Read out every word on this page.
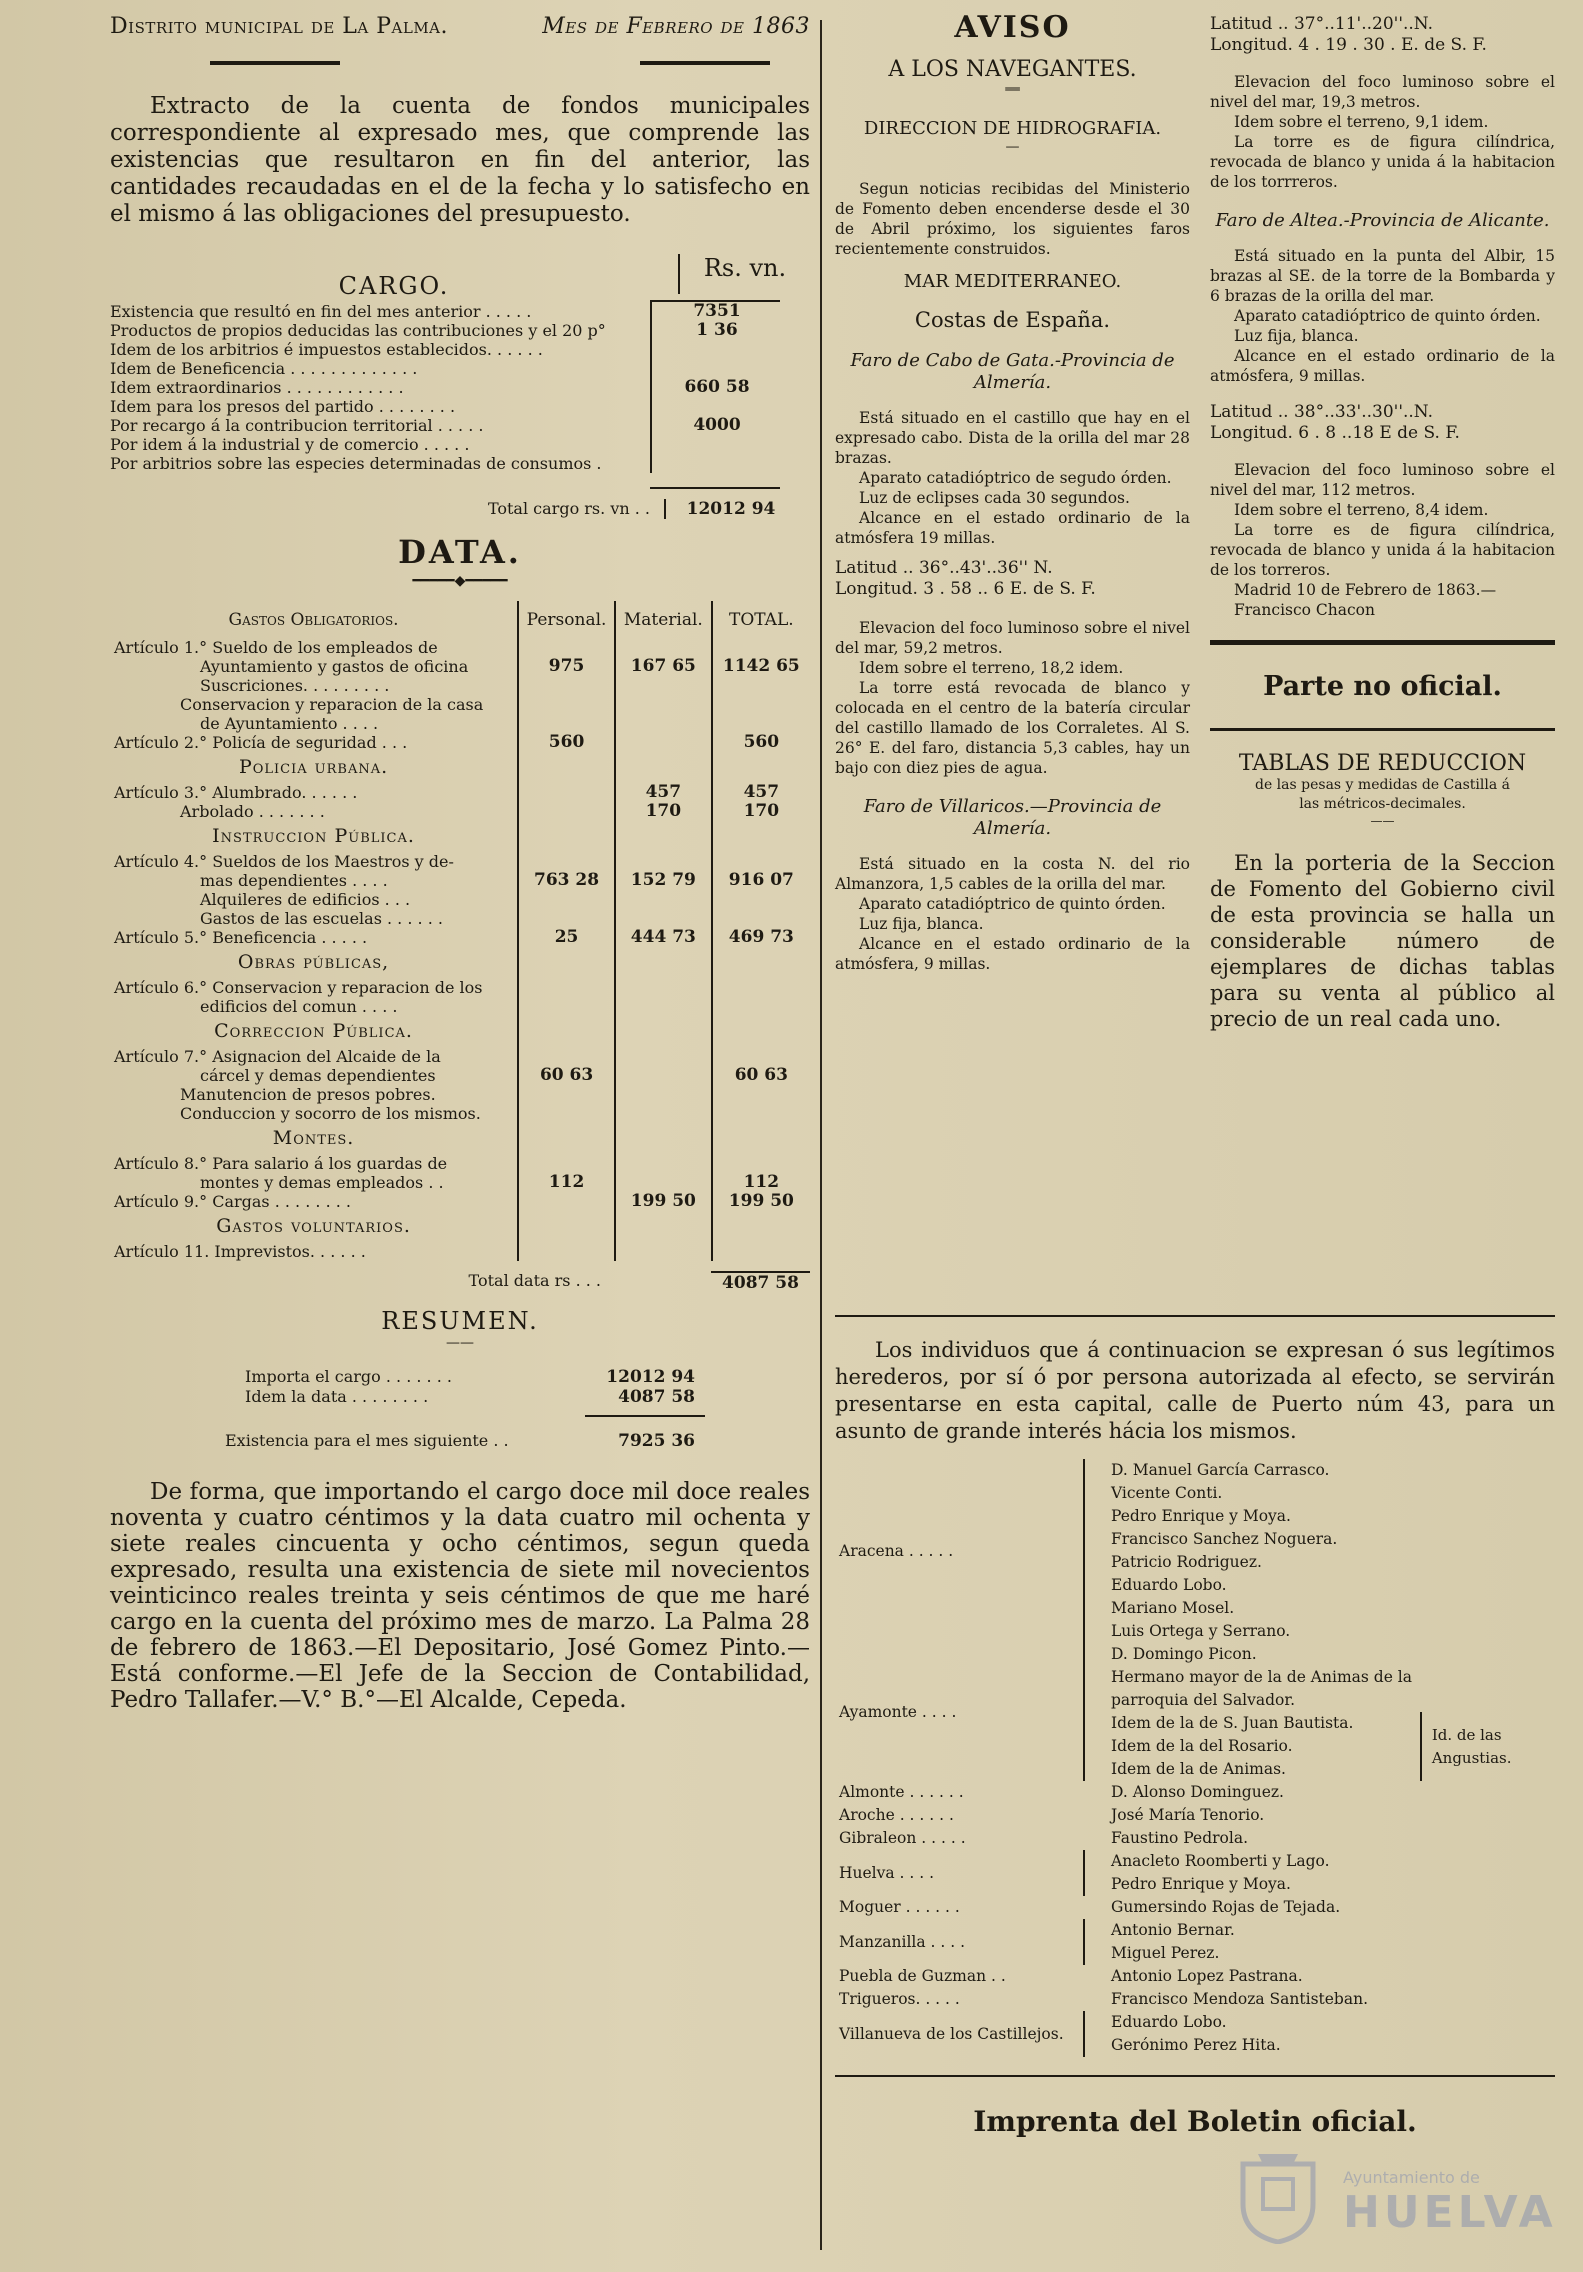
Distrito municipal de La Palma.	Mes de Febrero de 1863

Extracto de la cuenta de fondos municipales correspondiente al expresado mes, que comprende las existencias que resultaron en fin del anterior, las cantidades recaudadas en el de la fecha y lo satisfecho en el mismo á las obligaciones del presupuesto.

CARGO.
Rs. vn.
Existencia que resultó en fin del mes anterior . . . . .	7351
Productos de propios deducidas las contribuciones y el 20 p°	1 36
Idem de los arbitrios é impuestos establecidos. . . . . .
Idem de Beneficencia . . . . . . . . . . . . .
Idem extraordinarios . . . . . . . . . . . .	660 58
Idem para los presos del partido . . . . . . . .
Por recargo á la contribucion territorial . . . . .	4000
Por idem á la industrial y de comercio . . . . .
Por arbitrios sobre las especies determinadas de consumos .
Total cargo rs. vn . .	12012 94
DATA.
━━━━━◆━━━━━
Gastos Obligatorios.	Personal.	Material.	TOTAL.
Artículo 1.° Sueldo de los empleados de			
Ayuntamiento y gastos de oficina	975	167 65	1142 65
Suscriciones. . . . . . . . .			
Conservacion y reparacion de la casa			
de Ayuntamiento . . . .			
Artículo 2.° Policía de seguridad . . .	560		560
Policia urbana.			
Artículo 3.° Alumbrado. . . . . .		457	457
Arbolado . . . . . . .		170	170
Instruccion Pública.			
Artículo 4.° Sueldos de los Maestros y de-			
mas dependientes . . . .	763 28	152 79	916 07
Alquileres de edificios . . .			
Gastos de las escuelas . . . . . .			
Artículo 5.° Beneficencia . . . . .	25	444 73	469 73
Obras públicas,			
Artículo 6.° Conservacion y reparacion de los			
edificios del comun . . . .			
Correccion Pública.			
Artículo 7.° Asignacion del Alcaide de la			
cárcel y demas dependientes	60 63		60 63
Manutencion de presos pobres.			
Conduccion y socorro de los mismos.			
Montes.			
Artículo 8.° Para salario á los guardas de			
montes y demas empleados . .	112		112
Artículo 9.° Cargas . . . . . . . .		199 50	199 50
Gastos voluntarios.			
Artículo 11. Imprevistos. . . . . .			
Total data rs . . .	4087 58
RESUMEN.
——
Importa el cargo . . . . . . .	12012 94
Idem la data . . . . . . . .	4087 58
Existencia para el mes siguiente . .	7925 36

De forma, que importando el cargo doce mil doce reales noventa y cuatro céntimos y la data cuatro mil ochenta y siete reales cincuenta y ocho céntimos, segun queda expresado, resulta una existencia de siete mil novecientos veinticinco reales treinta y seis céntimos de que me haré cargo en la cuenta del próximo mes de marzo. La Palma 28 de febrero de 1863.—El Depositario, José Gomez Pinto.—Está conforme.—El Jefe de la Seccion de Contabilidad, Pedro Tallafer.—V.° B.°—El Alcalde, Cepeda.

AVISO
A LOS NAVEGANTES.
══
DIRECCION DE HIDROGRAFIA.
—

Segun noticias recibidas del Ministerio de Fomento deben encenderse desde el 30 de Abril próximo, los siguientes faros recientemente construidos.

MAR MEDITERRANEO.
Costas de España.
Faro de Cabo de Gata.-Provincia de Almería.

Está situado en el castillo que hay en el expresado cabo. Dista de la orilla del mar 28 brazas.

Aparato catadióptrico de segudo órden.

Luz de eclipses cada 30 segundos.

Alcance en el estado ordinario de la atmósfera 19 millas.

Latitud .. 36°..43'..36'' N.
Longitud. 3 . 58 .. 6 E. de S. F.

Elevacion del foco luminoso sobre el nivel del mar, 59,2 metros.

Idem sobre el terreno, 18,2 idem.

La torre está revocada de blanco y colocada en el centro de la batería circular del castillo llamado de los Corraletes. Al S. 26° E. del faro, distancia 5,3 cables, hay un bajo con diez pies de agua.

Faro de Villaricos.—Provincia de Almería.

Está situado en la costa N. del rio Almanzora, 1,5 cables de la orilla del mar.

Aparato catadióptrico de quinto órden.

Luz fija, blanca.

Alcance en el estado ordinario de la atmósfera, 9 millas.

Latitud .. 37°..11'..20''..N.
Longitud. 4 . 19 . 30 . E. de S. F.

Elevacion del foco luminoso sobre el nivel del mar, 19,3 metros.

Idem sobre el terreno, 9,1 idem.

La torre es de figura cilíndrica, revocada de blanco y unida á la habitacion de los torrreros.

Faro de Altea.-Provincia de Alicante.

Está situado en la punta del Albir, 15 brazas al SE. de la torre de la Bombarda y 6 brazas de la orilla del mar.

Aparato catadióptrico de quinto órden.

Luz fija, blanca.

Alcance en el estado ordinario de la atmósfera, 9 millas.

Latitud .. 38°..33'..30''..N.
Longitud. 6 . 8 ..18 E de S. F.

Elevacion del foco luminoso sobre el nivel del mar, 112 metros.

Idem sobre el terreno, 8,4 idem.

La torre es de figura cilíndrica, revocada de blanco y unida á la habitacion de los torreros.

Madrid 10 de Febrero de 1863.—

Francisco Chacon

Parte no oficial.
TABLAS DE REDUCCION
de las pesas y medidas de Castilla á las métricos-decimales.
——

En la porteria de la Seccion de Fomento del Gobierno civil de esta provincia se halla un considerable número de ejemplares de dichas tablas para su venta al público al precio de un real cada uno.

Los individuos que á continuacion se expresan ó sus legítimos herederos, por sí ó por persona autorizada al efecto, se servirán presentarse en esta capital, calle de Puerto núm 43, para un asunto de grande interés hácia los mismos.

Aracena . . . . .		D. Manuel García Carrasco.	
		Vicente Conti.	
		Pedro Enrique y Moya.	
		Francisco Sanchez Noguera.	
		Patricio Rodriguez.	
		Eduardo Lobo.	
		Mariano Mosel.	
		Luis Ortega y Serrano.	
Ayamonte . . . .		D. Domingo Picon.	
		Hermano mayor de la de Animas de la parroquia del Salvador.	
		Idem de la de S. Juan Bautista.	Id. de las Angustias.
		Idem de la del Rosario.	
		Idem de la de Animas.	
Almonte . . . . . .		D. Alonso Dominguez.	
Aroche . . . . . .		José María Tenorio.	
Gibraleon . . . . .		Faustino Pedrola.	
Huelva . . . .		Anacleto Roomberti y Lago.	
		Pedro Enrique y Moya.	
Moguer . . . . . .		Gumersindo Rojas de Tejada.	
Manzanilla . . . .		Antonio Bernar.	
		Miguel Perez.	
Puebla de Guzman . .		Antonio Lopez Pastrana.	
Trigueros. . . . .		Francisco Mendoza Santisteban.	
Villanueva de los Castillejos.		Eduardo Lobo.	
		Gerónimo Perez Hita.	
Imprenta del Boletin oficial.
Ayuntamiento de
HUELVA
